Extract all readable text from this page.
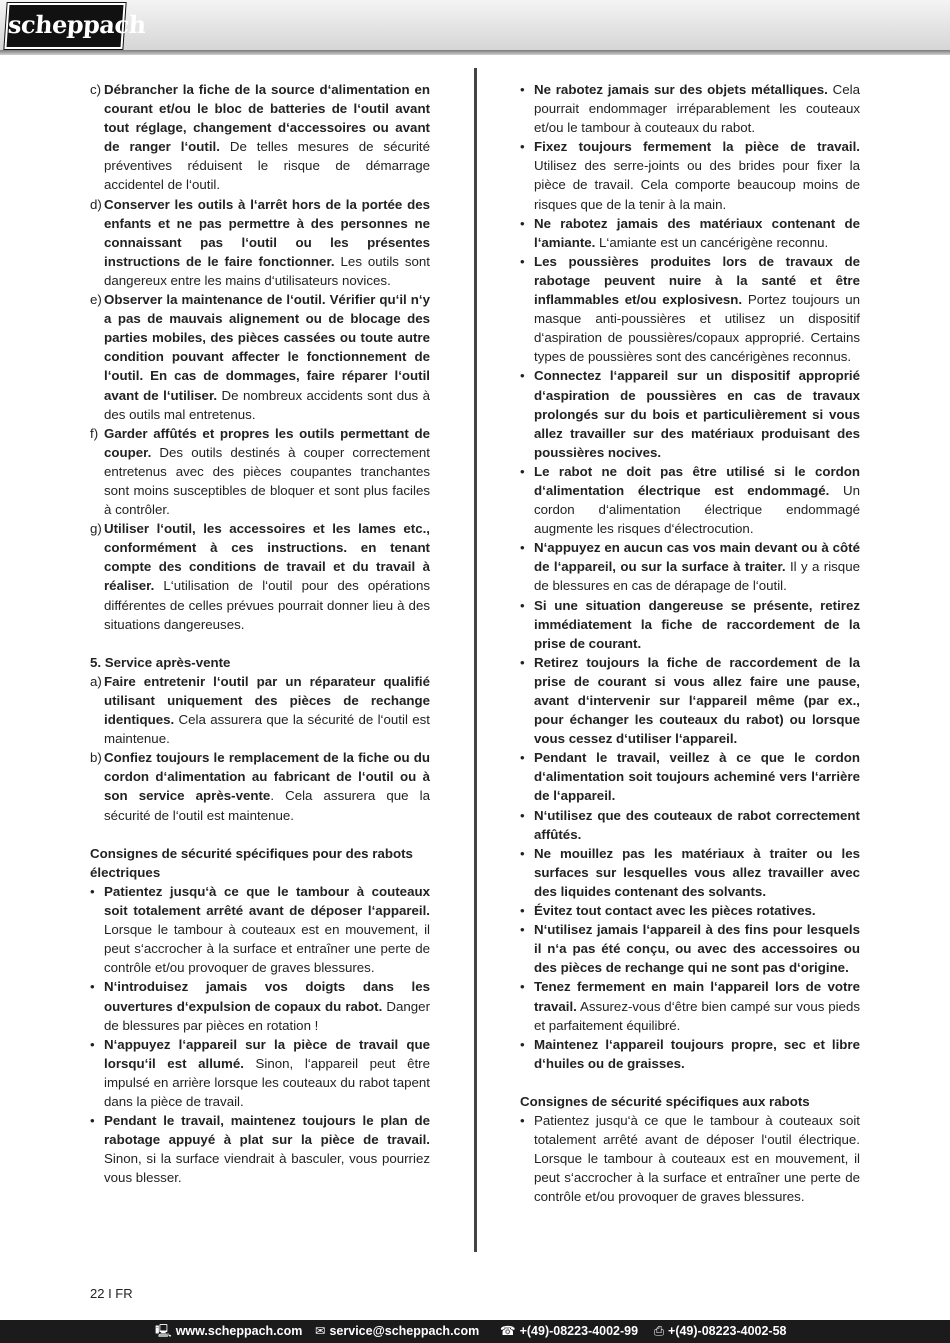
scheppach
c) Débrancher la fiche de la source d‘alimentation en courant et/ou le bloc de batteries de l‘outil avant tout réglage, changement d‘accessoires ou avant de ranger l‘outil. De telles mesures de sécurité préventives réduisent le risque de démarrage accidentel de l‘outil.
d) Conserver les outils à l‘arrêt hors de la portée des enfants et ne pas permettre à des personnes ne connaissant pas l‘outil ou les présentes instructions de le faire fonctionner. Les outils sont dangereux entre les mains d‘utilisateurs novices.
e) Observer la maintenance de l‘outil. Vérifier qu‘il n‘y a pas de mauvais alignement ou de blocage des parties mobiles, des pièces cassées ou toute autre condition pouvant affecter le fonctionnement de l‘outil. En cas de dommages, faire réparer l‘outil avant de l‘utiliser. De nombreux accidents sont dus à des outils mal entretenus.
f) Garder affûtés et propres les outils permettant de couper. Des outils destinés à couper correctement entretenus avec des pièces coupantes tranchantes sont moins susceptibles de bloquer et sont plus faciles à contrôler.
g) Utiliser l‘outil, les accessoires et les lames etc., conformément à ces instructions. en tenant compte des conditions de travail et du travail à réaliser. L‘utilisation de l‘outil pour des opérations différentes de celles prévues pourrait donner lieu à des situations dangereuses.
5. Service après-vente
a) Faire entretenir l‘outil par un réparateur qualifié utilisant uniquement des pièces de rechange identiques. Cela assurera que la sécurité de l‘outil est maintenue.
b) Confiez toujours le remplacement de la fiche ou du cordon d‘alimentation au fabricant de l‘outil ou à son service après-vente. Cela assurera que la sécurité de l‘outil est maintenue.
Consignes de sécurité spécifiques pour des rabots électriques
• Patientez jusqu‘à ce que le tambour à couteaux soit totalement arrêté avant de déposer l‘appareil. Lorsque le tambour à couteaux est en mouvement, il peut s‘accrocher à la surface et entraîner une perte de contrôle et/ou provoquer de graves blessures.
• N‘introduisez jamais vos doigts dans les ouvertures d‘expulsion de copaux du rabot. Danger de blessures par pièces en rotation !
• N‘appuyez l‘appareil sur la pièce de travail que lorsqu‘il est allumé. Sinon, l‘appareil peut être impulsé en arrière lorsque les couteaux du rabot tapent dans la pièce de travail.
• Pendant le travail, maintenez toujours le plan de rabotage appuyé à plat sur la pièce de travail. Sinon, si la surface viendrait à basculer, vous pourriez vous blesser.
• Ne rabotez jamais sur des objets métalliques. Cela pourrait endommager irréparablement les couteaux et/ou le tambour à couteaux du rabot.
• Fixez toujours fermement la pièce de travail. Utilisez des serre-joints ou des brides pour fixer la pièce de travail. Cela comporte beaucoup moins de risques que de la tenir à la main.
• Ne rabotez jamais des matériaux contenant de l‘amiante. L‘amiante est un cancérigène reconnu.
• Les poussières produites lors de travaux de rabotage peuvent nuire à la santé et être inflammables et/ou explosivesn. Portez toujours un masque anti-poussières et utilisez un dispositif d‘aspiration de poussières/copaux approprié. Certains types de poussières sont des cancérigènes reconnus.
• Connectez l‘appareil sur un dispositif approprié d‘aspiration de poussières en cas de travaux prolongés sur du bois et particulièrement si vous allez travailler sur des matériaux produisant des poussières nocives.
• Le rabot ne doit pas être utilisé si le cordon d‘alimentation électrique est endommagé. Un cordon d‘alimentation électrique endommagé augmente les risques d‘électrocution.
• N‘appuyez en aucun cas vos main devant ou à côté de l‘appareil, ou sur la surface à traiter. Il y a risque de blessures en cas de dérapage de l‘outil.
• Si une situation dangereuse se présente, retirez immédiatement la fiche de raccordement de la prise de courant.
• Retirez toujours la fiche de raccordement de la prise de courant si vous allez faire une pause, avant d‘intervenir sur l‘appareil même (par ex., pour échanger les couteaux du rabot) ou lorsque vous cessez d‘utiliser l‘appareil.
• Pendant le travail, veillez à ce que le cordon d‘alimentation soit toujours acheminé vers l‘arrière de l‘appareil.
• N‘utilisez que des couteaux de rabot correctement affûtés.
• Ne mouillez pas les matériaux à traiter ou les surfaces sur lesquelles vous allez travailler avec des liquides contenant des solvants.
• Évitez tout contact avec les pièces rotatives.
• N‘utilisez jamais l‘appareil à des fins pour lesquels il n‘a pas été conçu, ou avec des accessoires ou des pièces de rechange qui ne sont pas d‘origine.
• Tenez fermement en main l‘appareil lors de votre travail. Assurez-vous d‘être bien campé sur vous pieds et parfaitement équilibré.
• Maintenez l‘appareil toujours propre, sec et libre d‘huiles ou de graisses.
Consignes de sécurité spécifiques aux rabots
• Patientez jusqu‘à ce que le tambour à couteaux soit totalement arrêté avant de déposer l‘outil électrique. Lorsque le tambour à couteaux est en mouvement, il peut s‘accrocher à la surface et entraîner une perte de contrôle et/ou provoquer de graves blessures.
22 I FR
🖳 www.scheppach.com ✉ service@scheppach.com ☎ +(49)-08223-4002-99 ⎙ +(49)-08223-4002-58
